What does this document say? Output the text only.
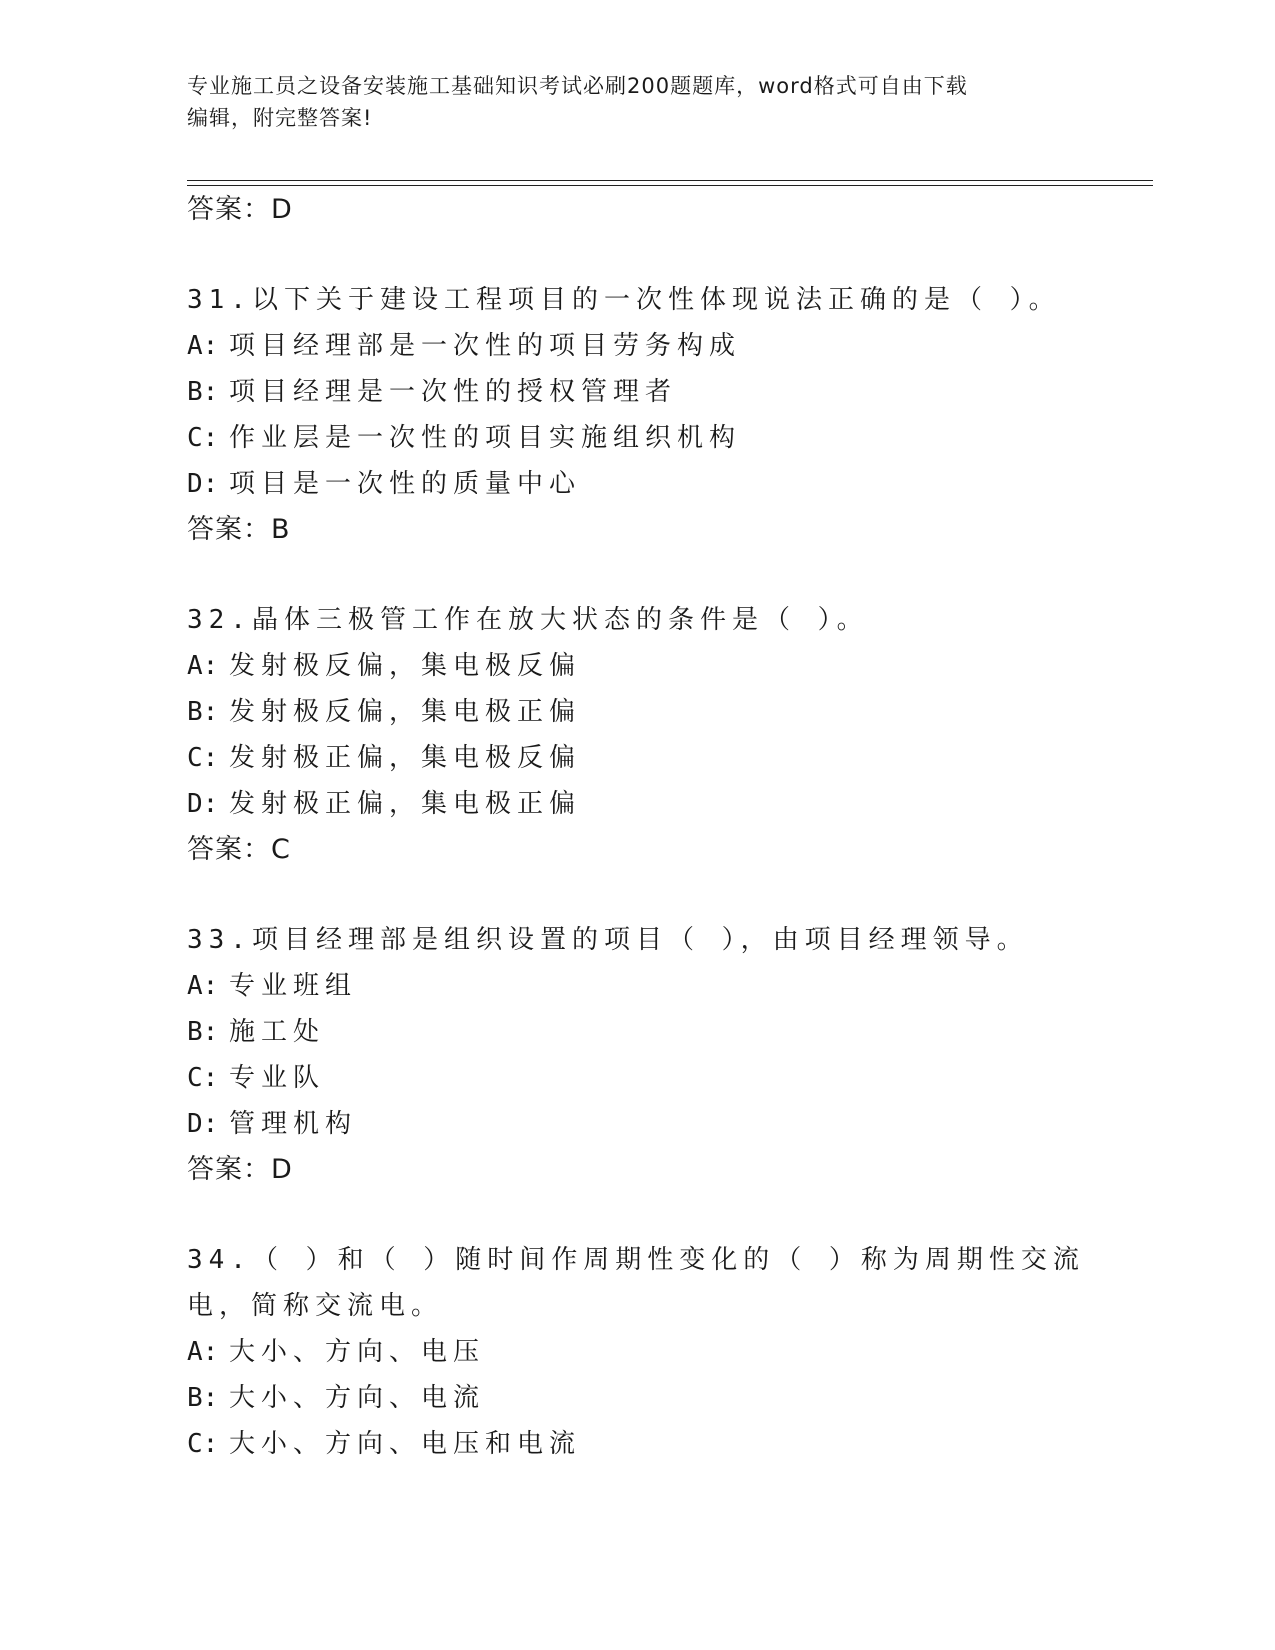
专业施工员之设备安装施工基础知识考试必刷200题题库，word格式可自由下载
编辑，附完整答案!
答案：D
31.以下关于建设工程项目的一次性体现说法正确的是（ ）。
A: 项目经理部是一次性的项目劳务构成
B: 项目经理是一次性的授权管理者
C: 作业层是一次性的项目实施组织机构
D: 项目是一次性的质量中心
答案：B
32.晶体三极管工作在放大状态的条件是（ ）。
A: 发射极反偏，集电极反偏
B: 发射极反偏，集电极正偏
C: 发射极正偏，集电极反偏
D: 发射极正偏，集电极正偏
答案：C
33.项目经理部是组织设置的项目（ ），由项目经理领导。
A: 专业班组
B: 施工处
C: 专业队
D: 管理机构
答案：D
34.（ ）和（ ）随时间作周期性变化的（ ）称为周期性交流电，简称交流电。
A: 大小、方向、电压
B: 大小、方向、电流
C: 大小、方向、电压和电流
